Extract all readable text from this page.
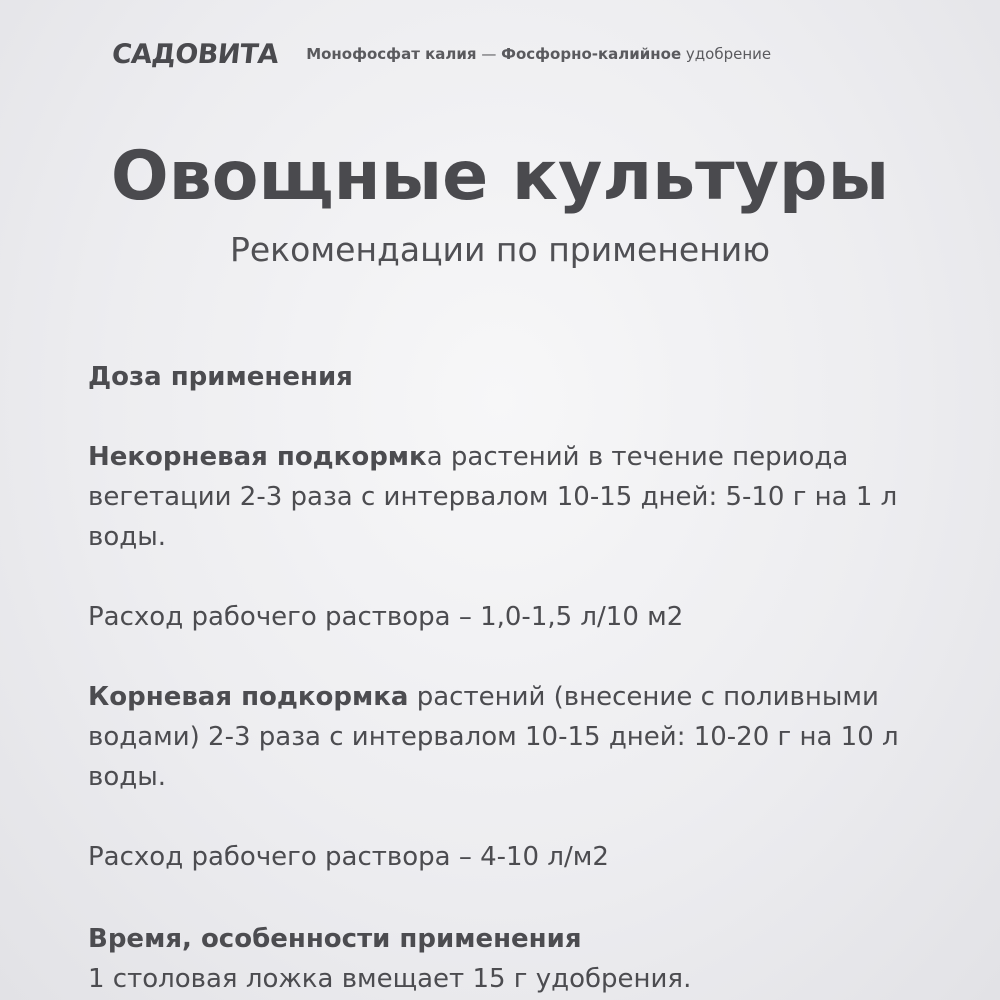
САДОВИТА Монофосфат калия — Фосфорно-калийное удобрение
Овощные культуры
Рекомендации по применению

Доза применения

Некорневая подкормка растений в течение периода вегетации 2-3 раза с интервалом 10-15 дней: 5-10 г на 1 л воды.

Расход рабочего раствора – 1,0-1,5 л/10 м2

Корневая подкормка растений (внесение с поливными водами) 2-3 раза с интервалом 10-15 дней: 10-20 г на 10 л воды.

Расход рабочего раствора – 4-10 л/м2

Время, особенности применения

1 столовая ложка вмещает 15 г удобрения.
